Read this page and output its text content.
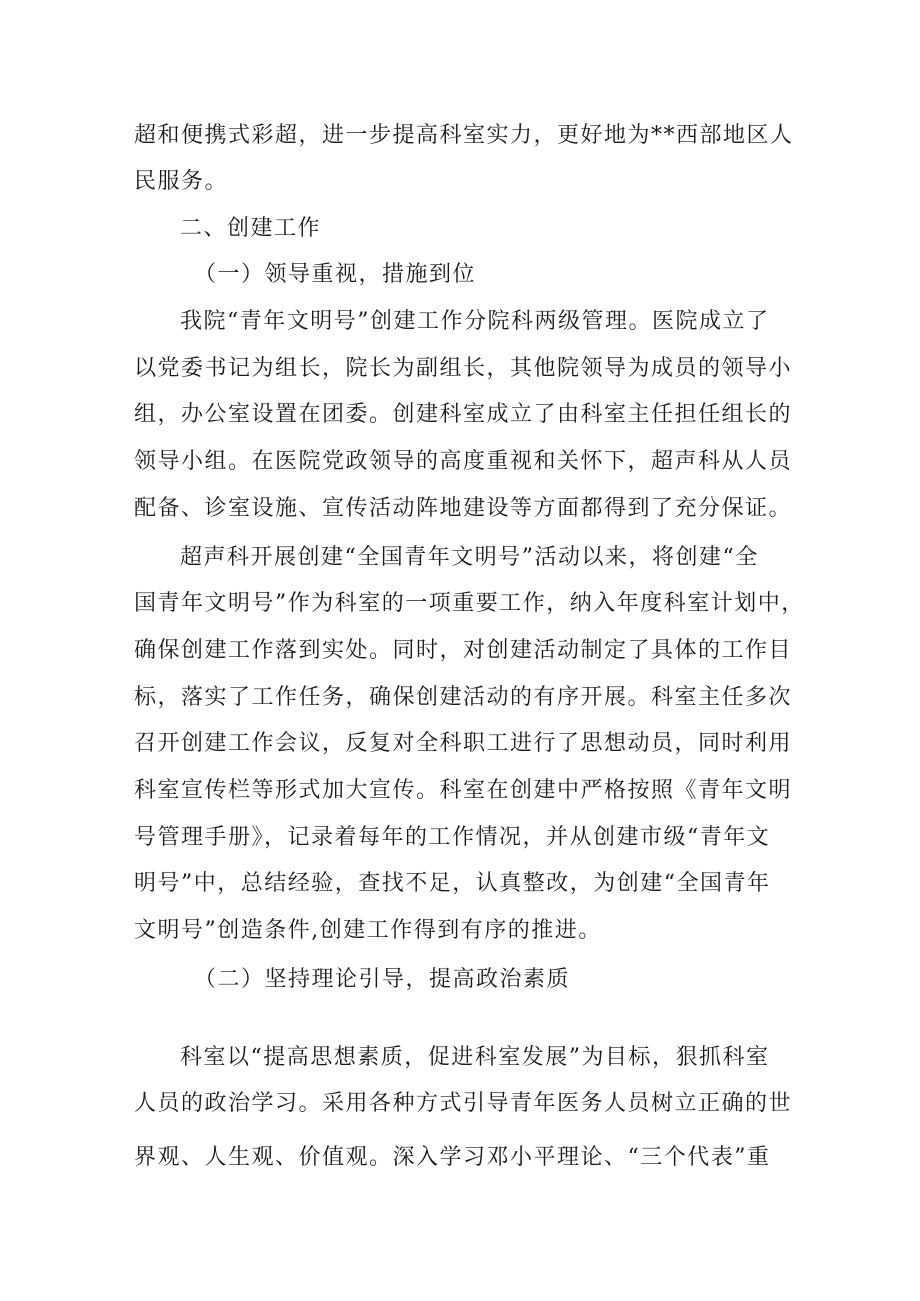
超和便携式彩超，进一步提高科室实力，更好地为**西部地区人
民服务。
二、创建工作
（一）领导重视，措施到位
我院“青年文明号”创建工作分院科两级管理。医院成立了
以党委书记为组长，院长为副组长，其他院领导为成员的领导小
组，办公室设置在团委。创建科室成立了由科室主任担任组长的
领导小组。在医院党政领导的高度重视和关怀下，超声科从人员
配备、诊室设施、宣传活动阵地建设等方面都得到了充分保证。
超声科开展创建“全国青年文明号”活动以来，将创建“全
国青年文明号”作为科室的一项重要工作，纳入年度科室计划中，
确保创建工作落到实处。同时，对创建活动制定了具体的工作目
标，落实了工作任务，确保创建活动的有序开展。科室主任多次
召开创建工作会议，反复对全科职工进行了思想动员，同时利用
科室宣传栏等形式加大宣传。科室在创建中严格按照《青年文明
号管理手册》，记录着每年的工作情况，并从创建市级“青年文
明号”中，总结经验，查找不足，认真整改，为创建“全国青年
文明号”创造条件,创建工作得到有序的推进。
（二）坚持理论引导，提高政治素质
科室以“提高思想素质，促进科室发展”为目标，狠抓科室
人员的政治学习。采用各种方式引导青年医务人员树立正确的世
界观、人生观、价值观。深入学习邓小平理论、“三个代表”重
